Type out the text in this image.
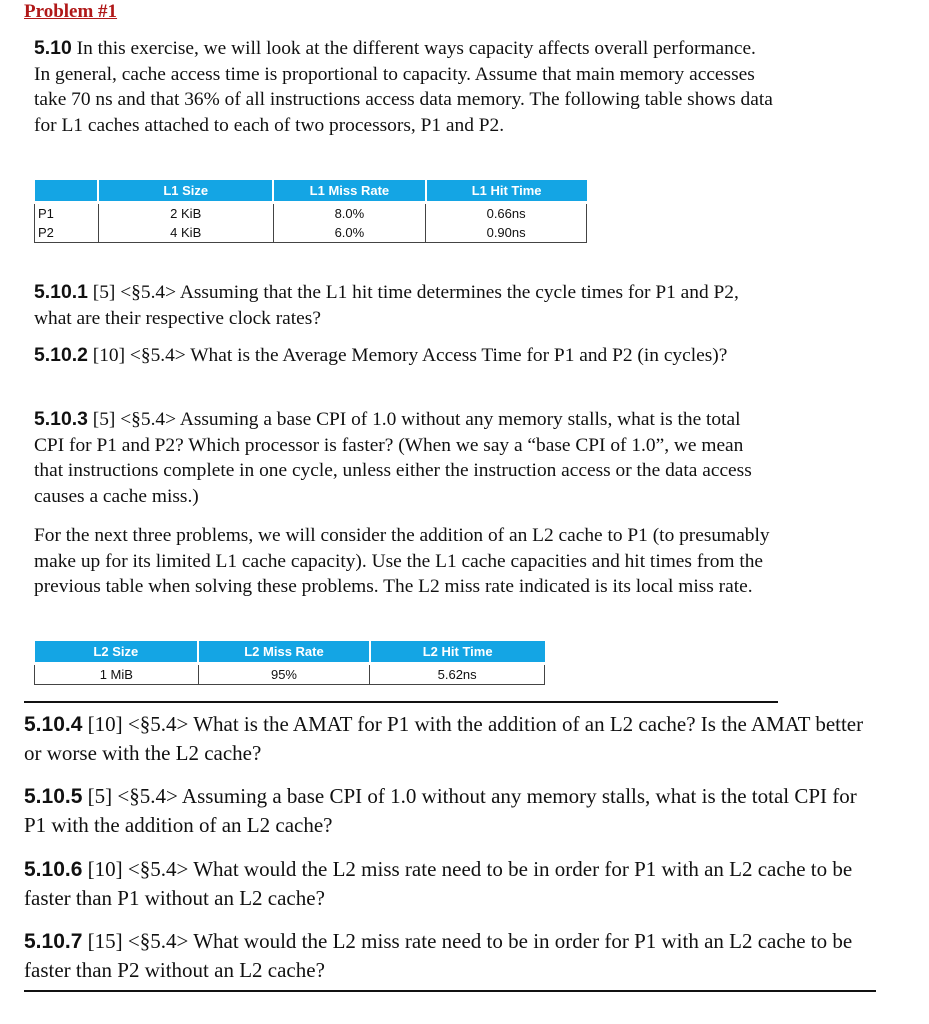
Problem #1

5.10 In this exercise, we will look at the different ways capacity affects overall performance. In general, cache access time is proportional to capacity. Assume that main memory accesses take 70 ns and that 36% of all instructions access data memory. The following table shows data for L1 caches attached to each of two processors, P1 and P2.

	L1 Size	L1 Miss Rate	L1 Hit Time
P1	2 KiB	8.0%	0.66ns
P2	4 KiB	6.0%	0.90ns

5.10.1 [5] <§5.4> Assuming that the L1 hit time determines the cycle times for P1 and P2, what are their respective clock rates?

5.10.2 [10] <§5.4> What is the Average Memory Access Time for P1 and P2 (in cycles)?

5.10.3 [5] <§5.4> Assuming a base CPI of 1.0 without any memory stalls, what is the total CPI for P1 and P2? Which processor is faster? (When we say a “base CPI of 1.0”, we mean that instructions complete in one cycle, unless either the instruction access or the data access causes a cache miss.)

For the next three problems, we will consider the addition of an L2 cache to P1 (to presumably make up for its limited L1 cache capacity). Use the L1 cache capacities and hit times from the previous table when solving these problems. The L2 miss rate indicated is its local miss rate.

L2 Size	L2 Miss Rate	L2 Hit Time
1 MiB	95%	5.62ns

5.10.4 [10] <§5.4> What is the AMAT for P1 with the addition of an L2 cache? Is the AMAT better or worse with the L2 cache?

5.10.5 [5] <§5.4> Assuming a base CPI of 1.0 without any memory stalls, what is the total CPI for P1 with the addition of an L2 cache?

5.10.6 [10] <§5.4> What would the L2 miss rate need to be in order for P1 with an L2 cache to be faster than P1 without an L2 cache?

5.10.7 [15] <§5.4> What would the L2 miss rate need to be in order for P1 with an L2 cache to be faster than P2 without an L2 cache?
